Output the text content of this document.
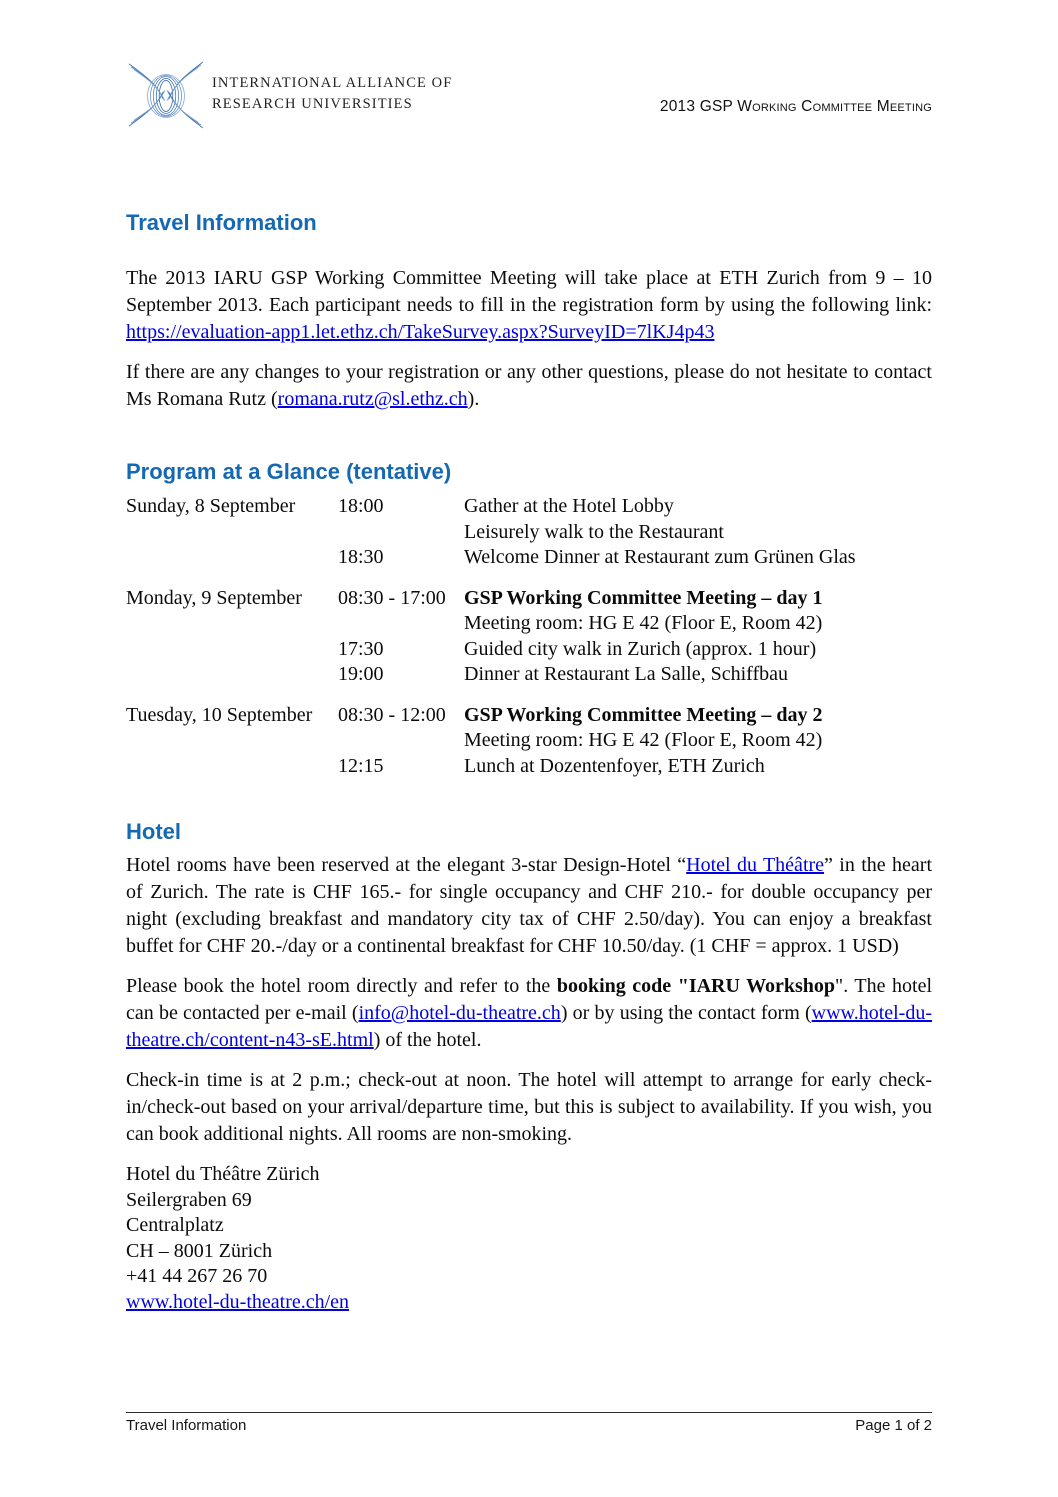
INTERNATIONAL ALLIANCE OF
RESEARCH UNIVERSITIES	2013 GSP Working Committee Meeting
Travel Information

The 2013 IARU GSP Working Committee Meeting will take place at ETH Zurich from 9 – 10 September 2013. Each participant needs to fill in the registration form by using the following link: https://evaluation-app1.let.ethz.ch/TakeSurvey.aspx?SurveyID=7lKJ4p43

If there are any changes to your registration or any other questions, please do not hesitate to contact Ms Romana Rutz (romana.rutz@sl.ethz.ch).

Program at a Glance (tentative)
Sunday, 8 September	18:00	Gather at the Hotel Lobby
Leisurely walk to the Restaurant
18:30	Welcome Dinner at Restaurant zum Grünen Glas
Monday, 9 September	08:30 - 17:00 GSP Working Committee Meeting – day 1
Meeting room: HG E 42 (Floor E, Room 42)
17:30	Guided city walk in Zurich (approx. 1 hour)
19:00	Dinner at Restaurant La Salle, Schiffbau
Tuesday, 10 September	08:30 - 12:00 GSP Working Committee Meeting – day 2
Meeting room: HG E 42 (Floor E, Room 42)
12:15	Lunch at Dozentenfoyer, ETH Zurich
Hotel

Hotel rooms have been reserved at the elegant 3-star Design-Hotel “Hotel du Théâtre” in the heart of Zurich. The rate is CHF 165.- for single occupancy and CHF 210.- for double occupancy per night (excluding breakfast and mandatory city tax of CHF 2.50/day). You can enjoy a breakfast buffet for CHF 20.-/day or a continental breakfast for CHF 10.50/day. (1 CHF = approx. 1 USD)

Please book the hotel room directly and refer to the booking code "IARU Workshop". The hotel can be contacted per e-mail (info@hotel-du-theatre.ch) or by using the contact form (www.hotel-du-theatre.ch/content-n43-sE.html) of the hotel.

Check-in time is at 2 p.m.; check-out at noon. The hotel will attempt to arrange for early check-in/check-out based on your arrival/departure time, but this is subject to availability. If you wish, you can book additional nights. All rooms are non-smoking.

Hotel du Théâtre Zürich
Seilergraben 69
Centralplatz
CH – 8001 Zürich
+41 44 267 26 70
www.hotel-du-theatre.ch/en
Travel Information	Page 1 of 2
